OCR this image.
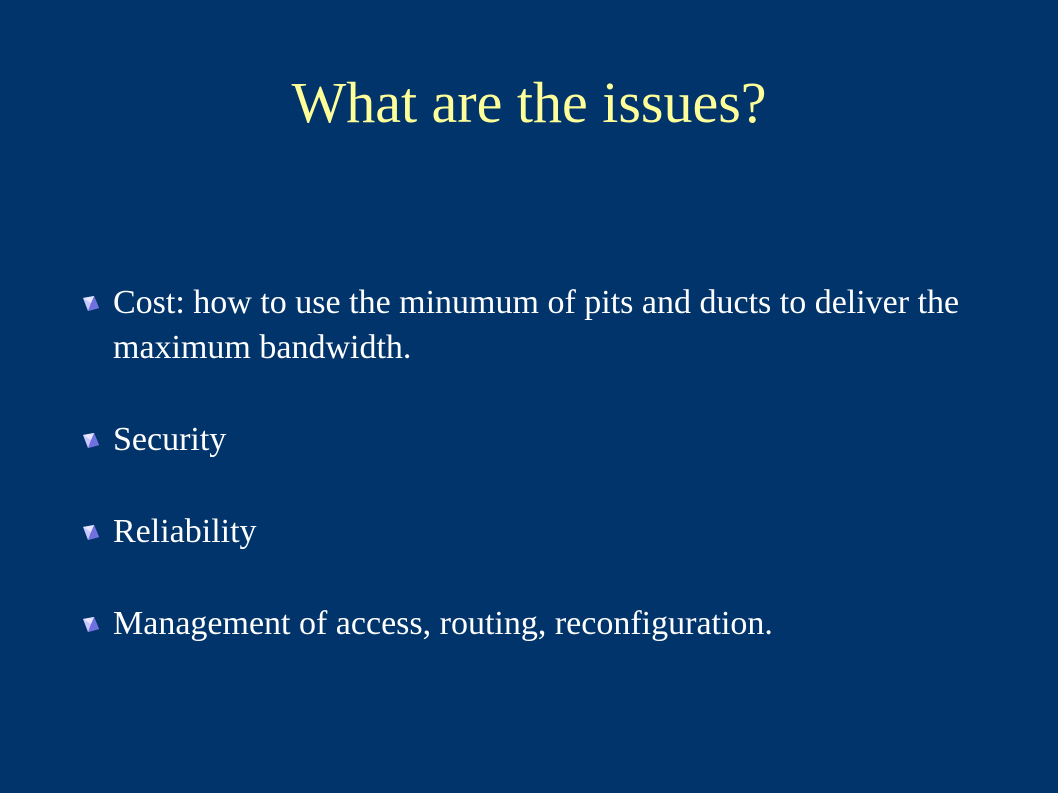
What are the issues?
Cost: how to use the minumum of pits and ducts to deliver the maximum bandwidth.
Security
Reliability
Management of access, routing, reconfiguration.
